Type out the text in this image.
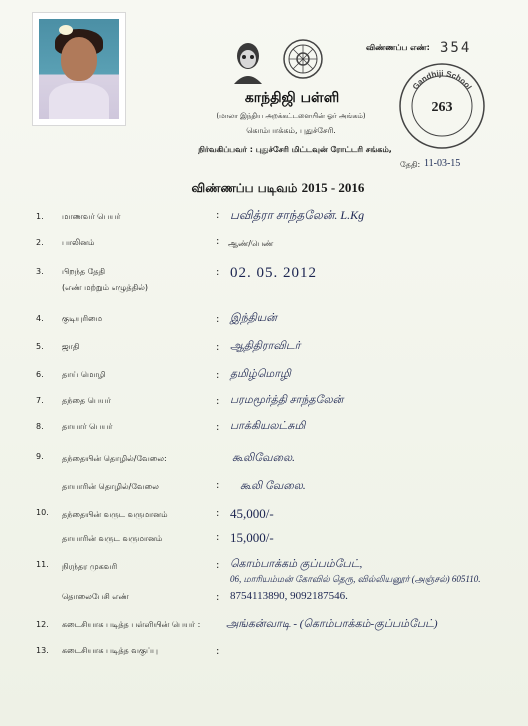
காந்திஜி பள்ளி
(மாலா இந்திய அறக்கட்டளையின் ஓர் அங்கம்)
கொம்பாக்கம், புதுச்சேரி.
நிர்வகிப்பவர் : புதுச்சேரி மிட்டவுன் ரோட்டரி சங்கம்,
விண்ணப்ப எண்: 354
Gandhiji School
263
தேதி: 11-03-15
விண்ணப்ப படிவம் 2015 - 2016
1. மாணவர் பெயர்	: பவித்ரா சாந்தலேன். L.Kg
2. பாலினம்	: ஆண்/பெண்
3. பிறந்த தேதி
(எண் மற்றும் எழுத்தில்)
: 02. 05. 2012
4. குடியுரிமை	: இந்தியன்
5. ஜாதி	: ஆதிதிராவிடர்
6. தாய் மொழி	: தமிழ்மொழி
7. தந்தை பெயர்	: பரமமூர்த்தி சாந்தலேன்
8. தாயார் பெயர்	: பாக்கியலட்சுமி
9. தந்தையின் தொழில்/வேலை:	கூலிவேலை.
தாயாரின் தொழில்/வேலை	: கூலி வேலை.
10. தந்தையின் வருட வருமானம்	: 45,000/-
தாயாரின் வருட வருமானம்	: 15,000/-
11. நிரந்தர முகவரி	: கொம்பாக்கம் குப்பம்பேட்,
06, மாரியம்மன் கோவில் தெரு, வில்லியனூர் (அஞ்சல்) 605110.
தொலைபேசி எண்	: 8754113890, 9092187546.
12. கடைசியாக படித்த பள்ளியின் பெயர் : அங்கன்வாடி - (கொம்பாக்கம்-குப்பம்பேட்)
13. கடைசியாக படித்த வகுப்பு	:
